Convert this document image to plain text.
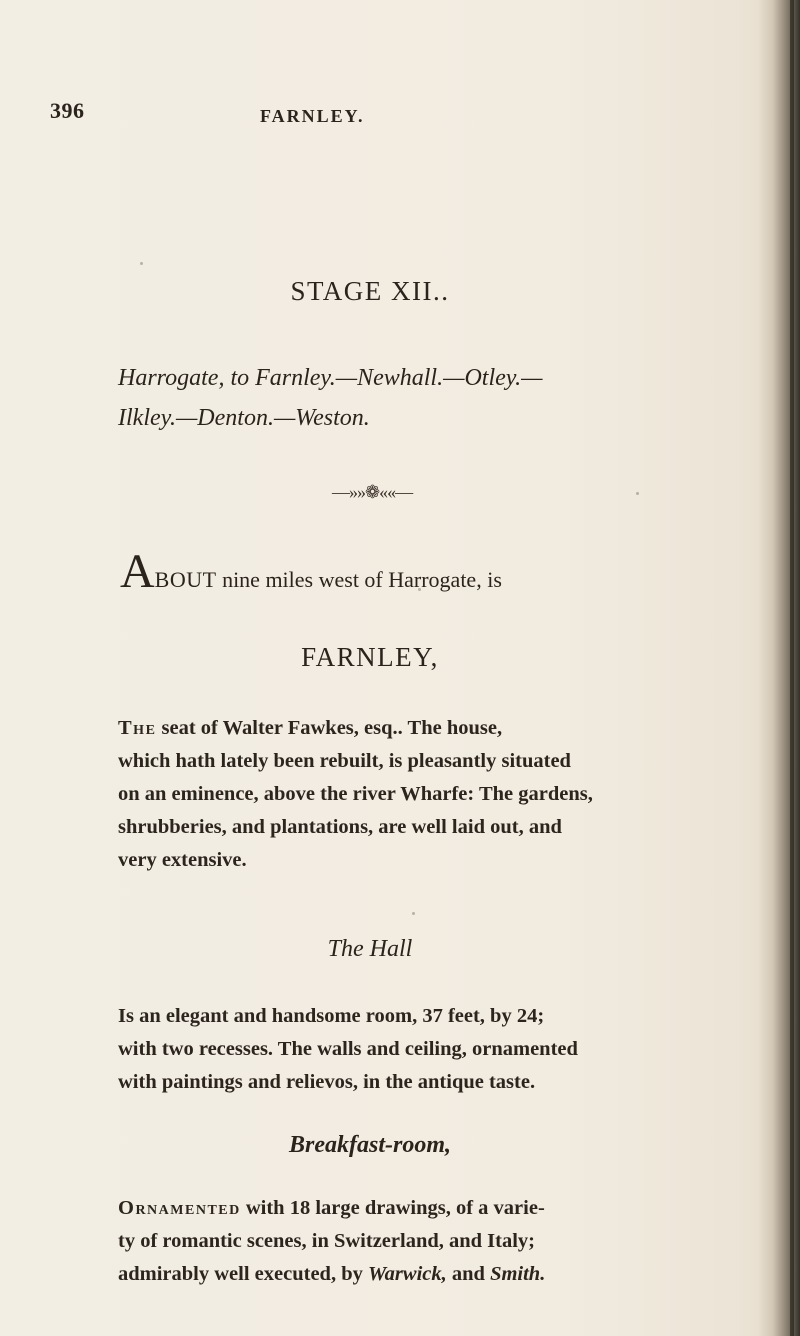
396	FARNLEY.
STAGE XII..
Harrogate, to Farnley.—Newhall.—Otley.—
Ilkley.—Denton.—Weston.
—»»❁««—
ABOUT nine miles west of Harrogate, is
FARNLEY,
The seat of Walter Fawkes, esq.. The house,
which hath lately been rebuilt, is pleasantly situated
on an eminence, above the river Wharfe: The gardens,
shrubberies, and plantations, are well laid out, and
very extensive.
The Hall
Is an elegant and handsome room, 37 feet, by 24;
with two recesses. The walls and ceiling, ornamented
with paintings and relievos, in the antique taste.
Breakfast-room,
Ornamented with 18 large drawings, of a varie-
ty of romantic scenes, in Switzerland, and Italy;
admirably well executed, by Warwick, and Smith.
